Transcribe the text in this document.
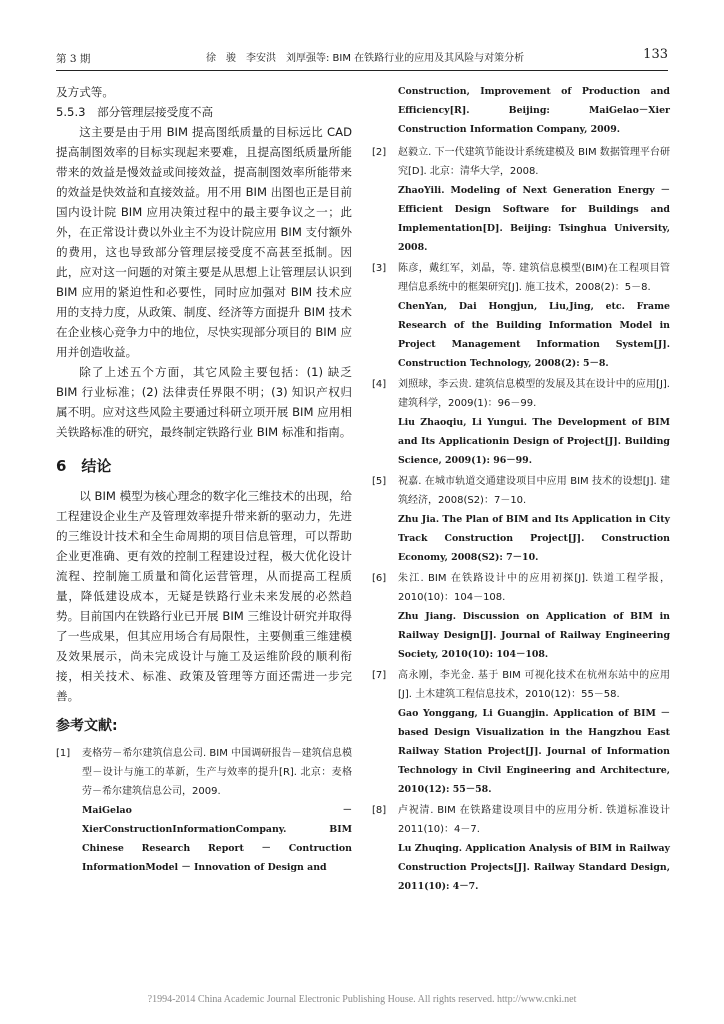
第 3 期	徐　骏　李安洪　刘厚强等: BIM 在铁路行业的应用及其风险与对策分析	133

及方式等。

5.5.3　部分管理层接受度不高

这主要是由于用 BIM 提高图纸质量的目标远比 CAD 提高制图效率的目标实现起来要难，且提高图纸质量所能带来的效益是慢效益或间接效益，提高制图效率所能带来的效益是快效益和直接效益。用不用 BIM 出图也正是目前国内设计院 BIM 应用决策过程中的最主要争议之一；此外，在正常设计费以外业主不为设计院应用 BIM 支付额外的费用，这也导致部分管理层接受度不高甚至抵制。因此，应对这一问题的对策主要是从思想上让管理层认识到 BIM 应用的紧迫性和必要性，同时应加强对 BIM 技术应用的支持力度，从政策、制度、经济等方面提升 BIM 技术在企业核心竞争力中的地位，尽快实现部分项目的 BIM 应用并创造收益。

除了上述五个方面，其它风险主要包括：(1) 缺乏 BIM 行业标准；(2) 法律责任界限不明；(3) 知识产权归属不明。应对这些风险主要通过科研立项开展 BIM 应用相关铁路标准的研究，最终制定铁路行业 BIM 标准和指南。

6　结论

以 BIM 模型为核心理念的数字化三维技术的出现，给工程建设企业生产及管理效率提升带来新的驱动力，先进的三维设计技术和全生命周期的项目信息管理，可以帮助企业更准确、更有效的控制工程建设过程，极大优化设计流程、控制施工质量和简化运营管理，从而提高工程质量，降低建设成本，无疑是铁路行业未来发展的必然趋势。目前国内在铁路行业已开展 BIM 三维设计研究并取得了一些成果，但其应用场合有局限性，主要侧重三维建模及效果展示，尚未完成设计与施工及运维阶段的顺利衔接，相关技术、标准、政策及管理等方面还需进一步完善。

参考文献:
[1]	麦格劳－希尔建筑信息公司. BIM 中国调研报告－建筑信息模型－设计与施工的革新，生产与效率的提升[R]. 北京：麦格劳－希尔建筑信息公司，2009.

MaiGelao － XierConstructionInformationCompany. BIM Chinese Research Report － Contruction InformationModel － Innovation of Design and

Construction, Improvement of Production and Efficiency[R]. Beijing: MaiGelao－Xier Construction Information Company, 2009.

[2]	赵毅立. 下一代建筑节能设计系统建模及 BIM 数据管理平台研究[D]. 北京：清华大学，2008.

ZhaoYili. Modeling of Next Generation Energy － Efficient Design Software for Buildings and Implementation[D]. Beijing: Tsinghua University, 2008.

[3]	陈彦，戴红军，刘晶，等. 建筑信息模型(BIM)在工程项目管理信息系统中的框架研究[J]. 施工技术，2008(2)：5－8.

ChenYan, Dai Hongjun, Liu,Jing, etc. Frame Research of the Building Information Model in Project Management Information System[J]. Construction Technology, 2008(2): 5－8.

[4]	刘照球，李云贵. 建筑信息模型的发展及其在设计中的应用[J]. 建筑科学，2009(1)：96－99.

Liu Zhaoqiu, Li Yungui. The Development of BIM and Its Applicationin Design of Project[J]. Building Science, 2009(1): 96－99.

[5]	祝嘉. 在城市轨道交通建设项目中应用 BIM 技术的设想[J]. 建筑经济，2008(S2)：7－10.

Zhu Jia. The Plan of BIM and Its Application in City Track Construction Project[J]. Construction Economy, 2008(S2): 7－10.

[6]	朱江. BIM 在铁路设计中的应用初探[J]. 铁道工程学报，2010(10)：104－108.

Zhu Jiang. Discussion on Application of BIM in Railway Design[J]. Journal of Railway Engineering Society, 2010(10): 104－108.

[7]	高永刚，李光金. 基于 BIM 可视化技术在杭州东站中的应用[J]. 土木建筑工程信息技术，2010(12)：55－58.

Gao Yonggang, Li Guangjin. Application of BIM － based Design Visualization in the Hangzhou East Railway Station Project[J]. Journal of Information Technology in Civil Engineering and Architecture, 2010(12): 55－58.

[8]	卢祝清. BIM 在铁路建设项目中的应用分析. 铁道标准设计 2011(10)：4－7.

Lu Zhuqing. Application Analysis of BIM in Railway Construction Projects[J]. Railway Standard Design, 2011(10): 4－7.

?1994-2014 China Academic Journal Electronic Publishing House. All rights reserved. http://www.cnki.net
